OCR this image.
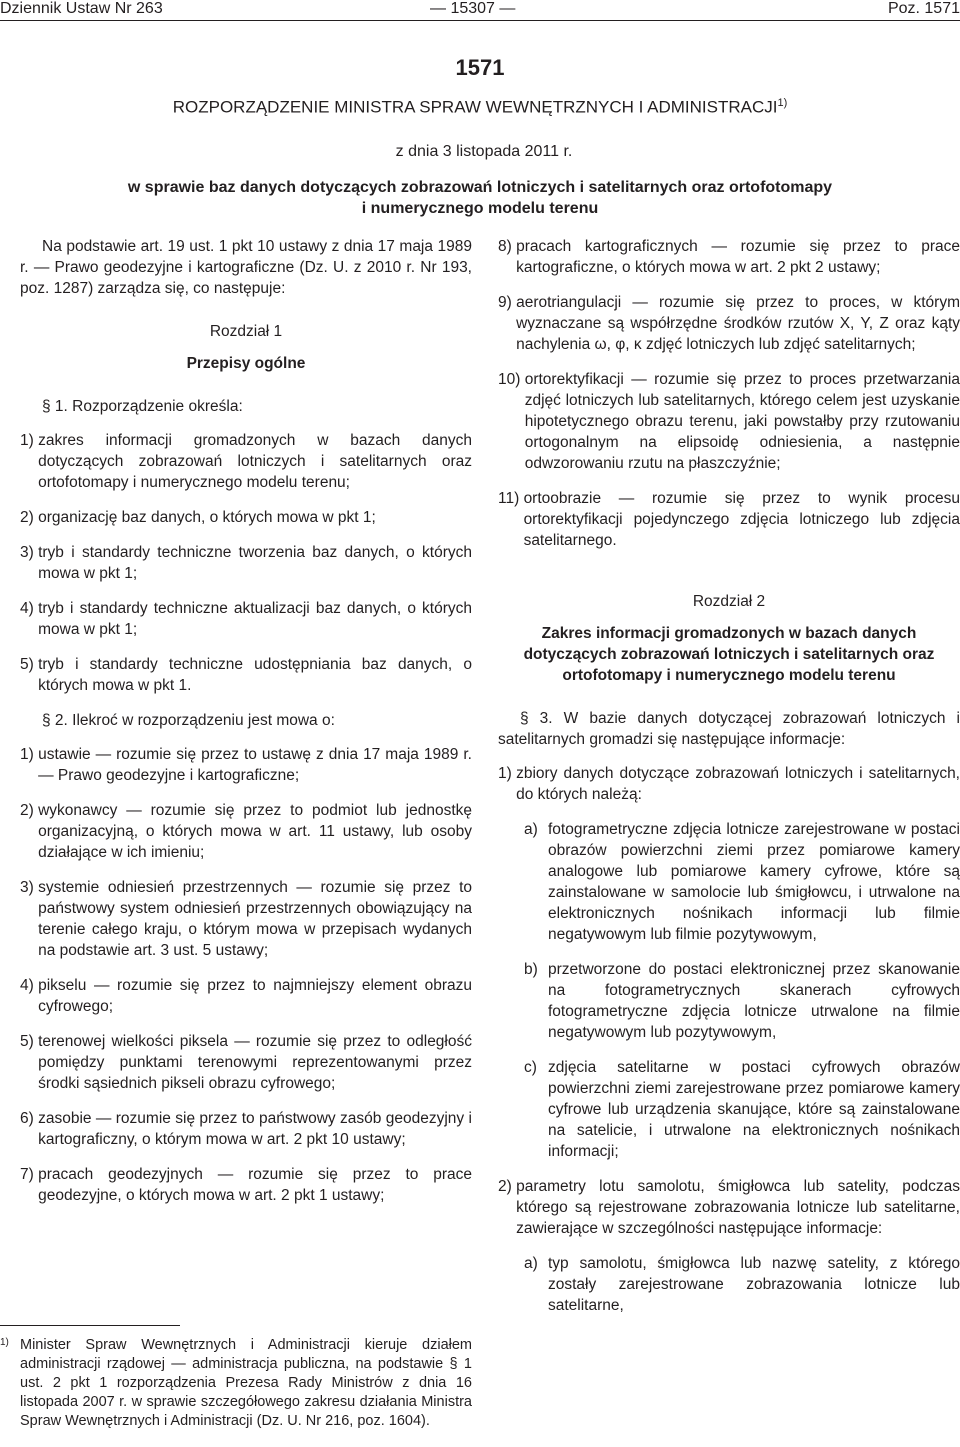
Dziennik Ustaw Nr 263	— 15307 —	Poz. 1571
1571
ROZPORZĄDZENIE MINISTRA SPRAW WEWNĘTRZNYCH I ADMINISTRACJI$^{1)}$
z dnia 3 listopada 2011 r.
w sprawie baz danych dotyczących zobrazowań lotniczych i satelitarnych oraz ortofotomapy
i numerycznego modelu terenu

Na podstawie art. 19 ust. 1 pkt 10 ustawy z dnia 17 maja 1989 r. — Prawo geodezyjne i kartograficzne (Dz. U. z 2010 r. Nr 193, poz. 1287) zarządza się, co następuje:

Rozdział 1
Przepisy ogólne

§ 1. Rozporządzenie określa:

1) zakres informacji gromadzonych w bazach danych dotyczących zobrazowań lotniczych i satelitarnych oraz ortofotomapy i numerycznego modelu terenu;
2) organizację baz danych, o których mowa w pkt 1;
3) tryb i standardy techniczne tworzenia baz danych, o których mowa w pkt 1;
4) tryb i standardy techniczne aktualizacji baz danych, o których mowa w pkt 1;
5) tryb i standardy techniczne udostępniania baz danych, o których mowa w pkt 1.

§ 2. Ilekroć w rozporządzeniu jest mowa o:

1) ustawie — rozumie się przez to ustawę z dnia 17 maja 1989 r. — Prawo geodezyjne i kartograficzne;
2) wykonawcy — rozumie się przez to podmiot lub jednostkę organizacyjną, o których mowa w art. 11 ustawy, lub osoby działające w ich imieniu;
3) systemie odniesień przestrzennych — rozumie się przez to państwowy system odniesień przestrzennych obowiązujący na terenie całego kraju, o którym mowa w przepisach wydanych na podstawie art. 3 ust. 5 ustawy;
4) pikselu — rozumie się przez to najmniejszy element obrazu cyfrowego;
5) terenowej wielkości piksela — rozumie się przez to odległość pomiędzy punktami terenowymi reprezentowanymi przez środki sąsiednich pikseli obrazu cyfrowego;
6) zasobie — rozumie się przez to państwowy zasób geodezyjny i kartograficzny, o którym mowa w art. 2 pkt 10 ustawy;
7) pracach geodezyjnych — rozumie się przez to prace geodezyjne, o których mowa w art. 2 pkt 1 ustawy;
1) Minister Spraw Wewnętrznych i Administracji kieruje działem administracji rządowej — administracja publiczna, na podstawie § 1 ust. 2 pkt 1 rozporządzenia Prezesa Rady Ministrów z dnia 16 listopada 2007 r. w sprawie szczegółowego zakresu działania Ministra Spraw Wewnętrznych i Administracji (Dz. U. Nr 216, poz. 1604).
8) pracach kartograficznych — rozumie się przez to prace kartograficzne, o których mowa w art. 2 pkt 2 ustawy;
9) aerotriangulacji — rozumie się przez to proces, w którym wyznaczane są współrzędne środków rzutów X, Y, Z oraz kąty nachylenia ω, φ, κ zdjęć lotniczych lub zdjęć satelitarnych;
10) ortorektyfikacji — rozumie się przez to proces przetwarzania zdjęć lotniczych lub satelitarnych, którego celem jest uzyskanie hipotetycznego obrazu terenu, jaki powstałby przy rzutowaniu ortogonalnym na elipsoidę odniesienia, a następnie odwzorowaniu rzutu na płaszczyźnie;
11) ortoobrazie — rozumie się przez to wynik procesu ortorektyfikacji pojedynczego zdjęcia lotniczego lub zdjęcia satelitarnego.
Rozdział 2
Zakres informacji gromadzonych w bazach danych dotyczących zobrazowań lotniczych i satelitarnych oraz ortofotomapy i numerycznego modelu terenu

§ 3. W bazie danych dotyczącej zobrazowań lotniczych i satelitarnych gromadzi się następujące informacje:

1) zbiory danych dotyczące zobrazowań lotniczych i satelitarnych, do których należą:
a) fotogrametryczne zdjęcia lotnicze zarejestrowane w postaci obrazów powierzchni ziemi przez pomiarowe kamery analogowe lub pomiarowe kamery cyfrowe, które są zainstalowane w samolocie lub śmigłowcu, i utrwalone na elektronicznych nośnikach informacji lub filmie negatywowym lub filmie pozytywowym,
b) przetworzone do postaci elektronicznej przez skanowanie na fotogrametrycznych skanerach cyfrowych fotogrametryczne zdjęcia lotnicze utrwalone na filmie negatywowym lub pozytywowym,
c) zdjęcia satelitarne w postaci cyfrowych obrazów powierzchni ziemi zarejestrowane przez pomiarowe kamery cyfrowe lub urządzenia skanujące, które są zainstalowane na satelicie, i utrwalone na elektronicznych nośnikach informacji;
2) parametry lotu samolotu, śmigłowca lub satelity, podczas którego są rejestrowane zobrazowania lotnicze lub satelitarne, zawierające w szczególności następujące informacje:
a) typ samolotu, śmigłowca lub nazwę satelity, z którego zostały zarejestrowane zobrazowania lotnicze lub satelitarne,
